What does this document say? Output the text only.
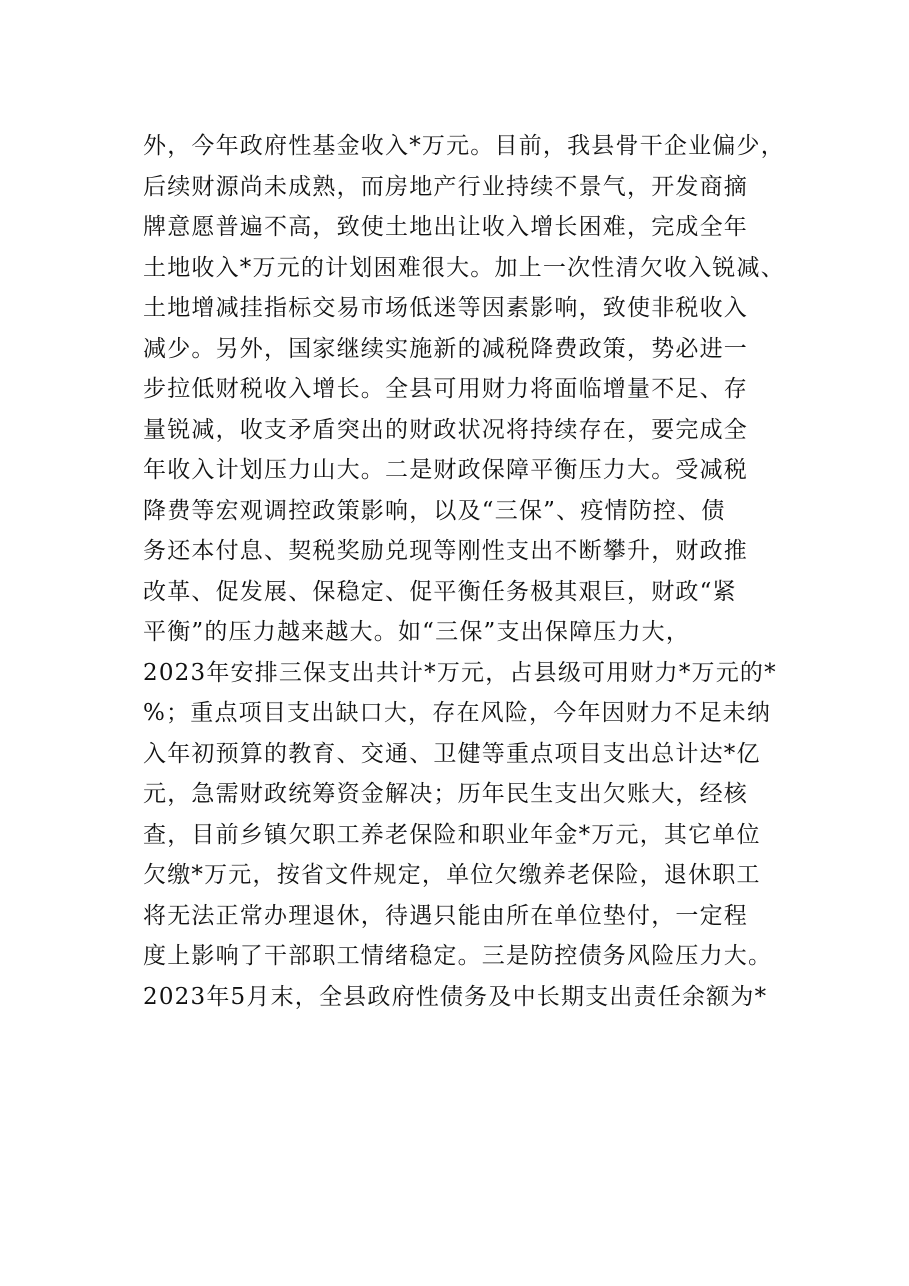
外，今年政府性基金收入*万元。目前，我县骨干企业偏少，
后续财源尚未成熟，而房地产行业持续不景气，开发商摘
牌意愿普遍不高，致使土地出让收入增长困难，完成全年
土地收入*万元的计划困难很大。加上一次性清欠收入锐减、
土地增减挂指标交易市场低迷等因素影响，致使非税收入
减少。另外，国家继续实施新的减税降费政策，势必进一
步拉低财税收入增长。全县可用财力将面临增量不足、存
量锐减，收支矛盾突出的财政状况将持续存在，要完成全
年收入计划压力山大。二是财政保障平衡压力大。受减税
降费等宏观调控政策影响，以及“三保”、疫情防控、债
务还本付息、契税奖励兑现等刚性支出不断攀升，财政推
改革、促发展、保稳定、促平衡任务极其艰巨，财政“紧
平衡”的压力越来越大。如“三保”支出保障压力大，
2023年安排三保支出共计*万元，占县级可用财力*万元的*
%；重点项目支出缺口大，存在风险，今年因财力不足未纳
入年初预算的教育、交通、卫健等重点项目支出总计达*亿
元，急需财政统筹资金解决；历年民生支出欠账大，经核
查，目前乡镇欠职工养老保险和职业年金*万元，其它单位
欠缴*万元，按省文件规定，单位欠缴养老保险，退休职工
将无法正常办理退休，待遇只能由所在单位垫付，一定程
度上影响了干部职工情绪稳定。三是防控债务风险压力大。
2023年5月末，全县政府性债务及中长期支出责任余额为*
